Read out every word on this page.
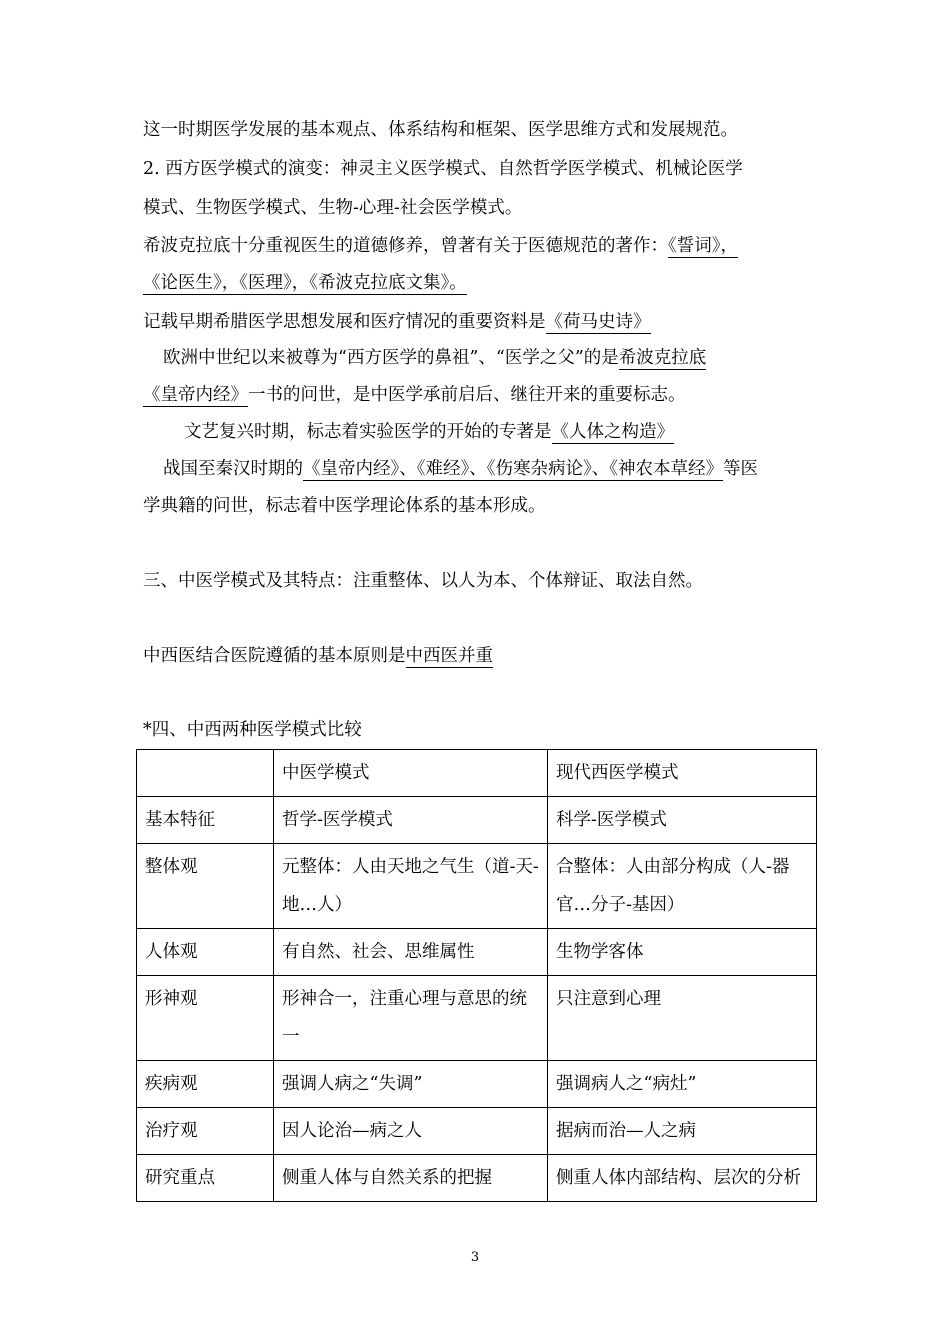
这一时期医学发展的基本观点、体系结构和框架、医学思维方式和发展规范。
2. 西方医学模式的演变：神灵主义医学模式、自然哲学医学模式、机械论医学
模式、生物医学模式、生物-心理-社会医学模式。
希波克拉底十分重视医生的道德修养，曾著有关于医德规范的著作：《誓词》，
《论医生》，《医理》，《希波克拉底文集》。
记载早期希腊医学思想发展和医疗情况的重要资料是《荷马史诗》
欧洲中世纪以来被尊为“西方医学的鼻祖”、“医学之父”的是希波克拉底
《皇帝内经》一书的问世，是中医学承前启后、继往开来的重要标志。
文艺复兴时期，标志着实验医学的开始的专著是《人体之构造》
战国至秦汉时期的《皇帝内经》、《难经》、《伤寒杂病论》、《神农本草经》等医
学典籍的问世，标志着中医学理论体系的基本形成。
三、中医学模式及其特点：注重整体、以人为本、个体辩证、取法自然。
中西医结合医院遵循的基本原则是中西医并重
*四、中西两种医学模式比较
	中医学模式	现代西医学模式
基本特征	哲学-医学模式	科学-医学模式
整体观	元整体：人由天地之气生（道-天-地…人）	合整体：人由部分构成（人-器官…分子-基因）
人体观	有自然、社会、思维属性	生物学客体
形神观	形神合一，注重心理与意思的统一	只注意到心理
疾病观	强调人病之“失调”	强调病人之“病灶”
治疗观	因人论治—病之人	据病而治—人之病
研究重点	侧重人体与自然关系的把握	侧重人体内部结构、层次的分析
3
